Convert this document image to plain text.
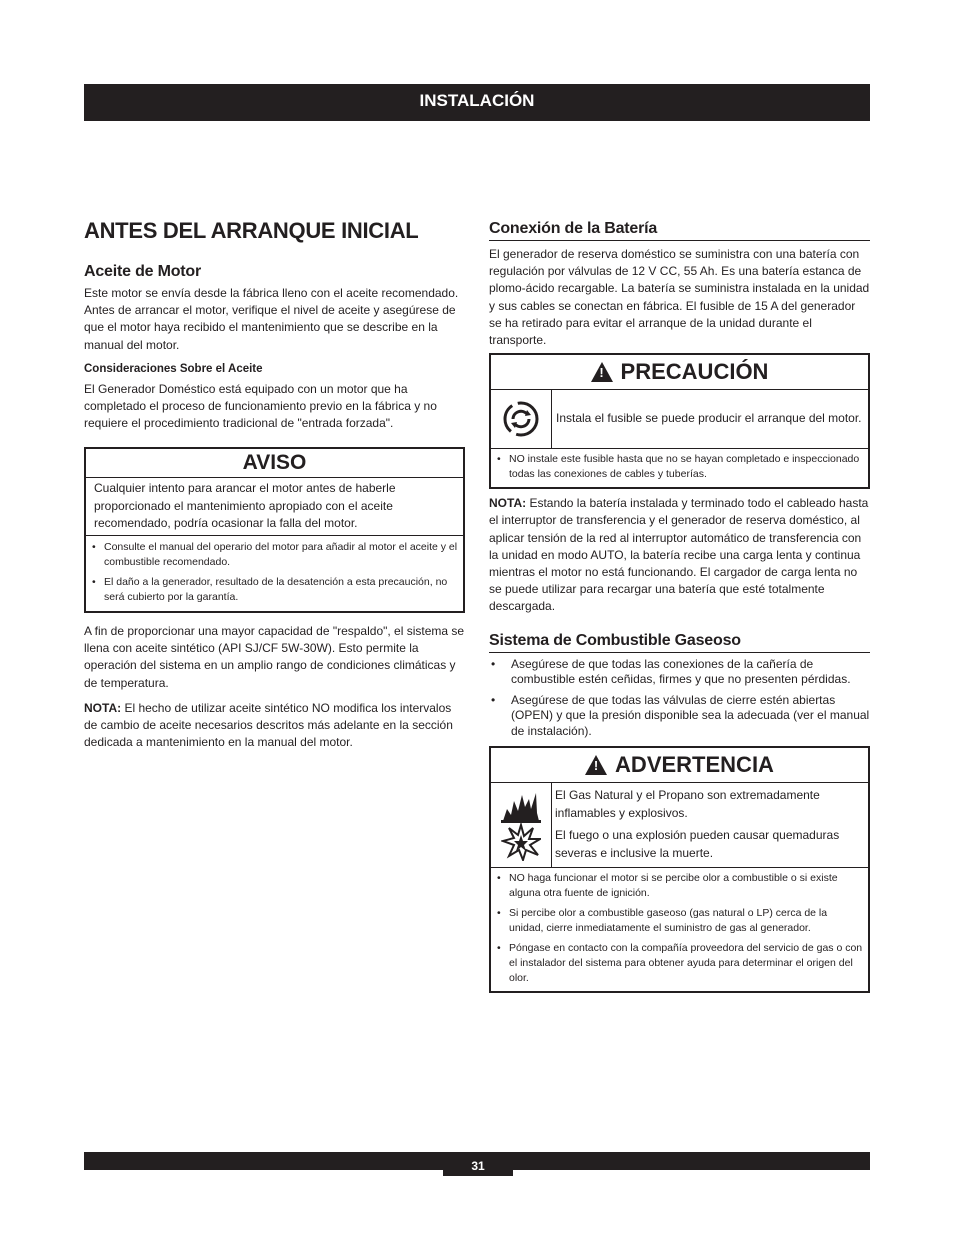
INSTALACIÓN
ANTES DEL ARRANQUE INICIAL
Aceite de Motor

Este motor se envía desde la fábrica lleno con el aceite recomendado. Antes de arrancar el motor, verifique el nivel de aceite y asegúrese de que el motor haya recibido el mantenimiento que se describe en la manual del motor.

Consideraciones Sobre el Aceite

El Generador Doméstico está equipado con un motor que ha completado el proceso de funcionamiento previo en la fábrica y no requiere el procedimiento tradicional de "entrada forzada".

AVISO
Cualquier intento para arancar el motor antes de haberle proporcionado el mantenimiento apropiado con el aceite recomendado, podría ocasionar la falla del motor.
• Consulte el manual del operario del motor para añadir al motor el aceite y el combustible recomendado.
• El daño a la generador, resultado de la desatención a esta precaución, no será cubierto por la garantía.

A fin de proporcionar una mayor capacidad de "respaldo", el sistema se llena con aceite sintético (API SJ/CF 5W-30W). Esto permite la operación del sistema en un amplio rango de condiciones climáticas y de temperatura.

NOTA: El hecho de utilizar aceite sintético NO modifica los intervalos de cambio de aceite necesarios descritos más adelante en la sección dedicada a mantenimiento en la manual del motor.

Conexión de la Batería

El generador de reserva doméstico se suministra con una batería con regulación por válvulas de 12 V CC, 55 Ah. Es una batería estanca de plomo-ácido recargable. La batería se suministra instalada en la unidad y sus cables se conectan en fábrica. El fusible de 15 A del generador se ha retirado para evitar el arranque de la unidad durante el transporte.

! PRECAUCIÓN
Instala el fusible se puede producir el arranque del motor.
• NO instale este fusible hasta que no se hayan completado e inspeccionado todas las conexiones de cables y tuberías.

NOTA: Estando la batería instalada y terminado todo el cableado hasta el interruptor de transferencia y el generador de reserva doméstico, al aplicar tensión de la red al interruptor automático de transferencia con la unidad en modo AUTO, la batería recibe una carga lenta y continua mientras el motor no está funcionando. El cargador de carga lenta no se puede utilizar para recargar una batería que esté totalmente descargada.

Sistema de Combustible Gaseoso
• Asegúrese de que todas las conexiones de la cañería de combustible estén ceñidas, firmes y que no presenten pérdidas.
• Asegúrese de que todas las válvulas de cierre estén abiertas (OPEN) y que la presión disponible sea la adecuada (ver el manual de instalación).
! ADVERTENCIA
El Gas Natural y el Propano son extremadamente inflamables y explosivos.
El fuego o una explosión pueden causar quemaduras severas e inclusive la muerte.
• NO haga funcionar el motor si se percibe olor a combustible o si existe alguna otra fuente de ignición.
• Si percibe olor a combustible gaseoso (gas natural o LP) cerca de la unidad, cierre inmediatamente el suministro de gas al generador.
• Póngase en contacto con la compañía proveedora del servicio de gas o con el instalador del sistema para obtener ayuda para determinar el origen del olor.
31
